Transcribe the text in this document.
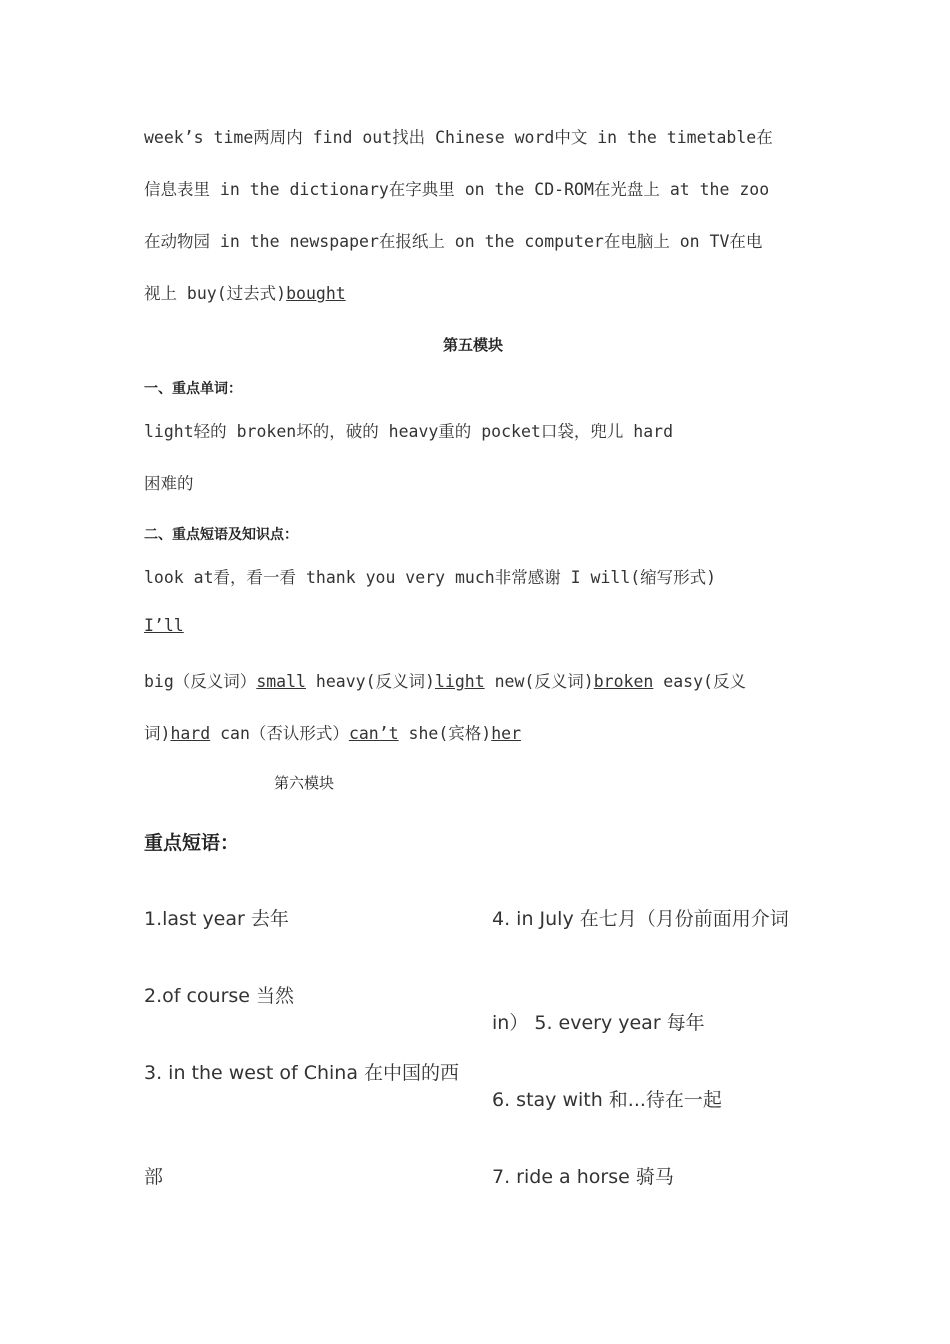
week’s time两周内 find out找出 Chinese word中文 in the timetable在
信息表里 in the dictionary在字典里 on the CD-ROM在光盘上 at the zoo
在动物园 in the newspaper在报纸上 on the computer在电脑上 on TV在电
视上 buy(过去式)bought
第五模块
一、重点单词：
light轻的 broken坏的，破的 heavy重的 pocket口袋，兜儿 hard
困难的
二、重点短语及知识点：
look at看，看一看 thank you very much非常感谢 I will(缩写形式)
I’ll
big（反义词）small heavy(反义词)light new(反义词)broken easy(反义
词)hard can（否认形式）can’t she(宾格)her
第六模块
重点短语：
1.last year 去年
2.of course 当然
3. in the west of China 在中国的西
部
4. in July 在七月（月份前面用介词
in） 5. every year 每年
6. stay with 和...待在一起
7. ride a horse 骑马
